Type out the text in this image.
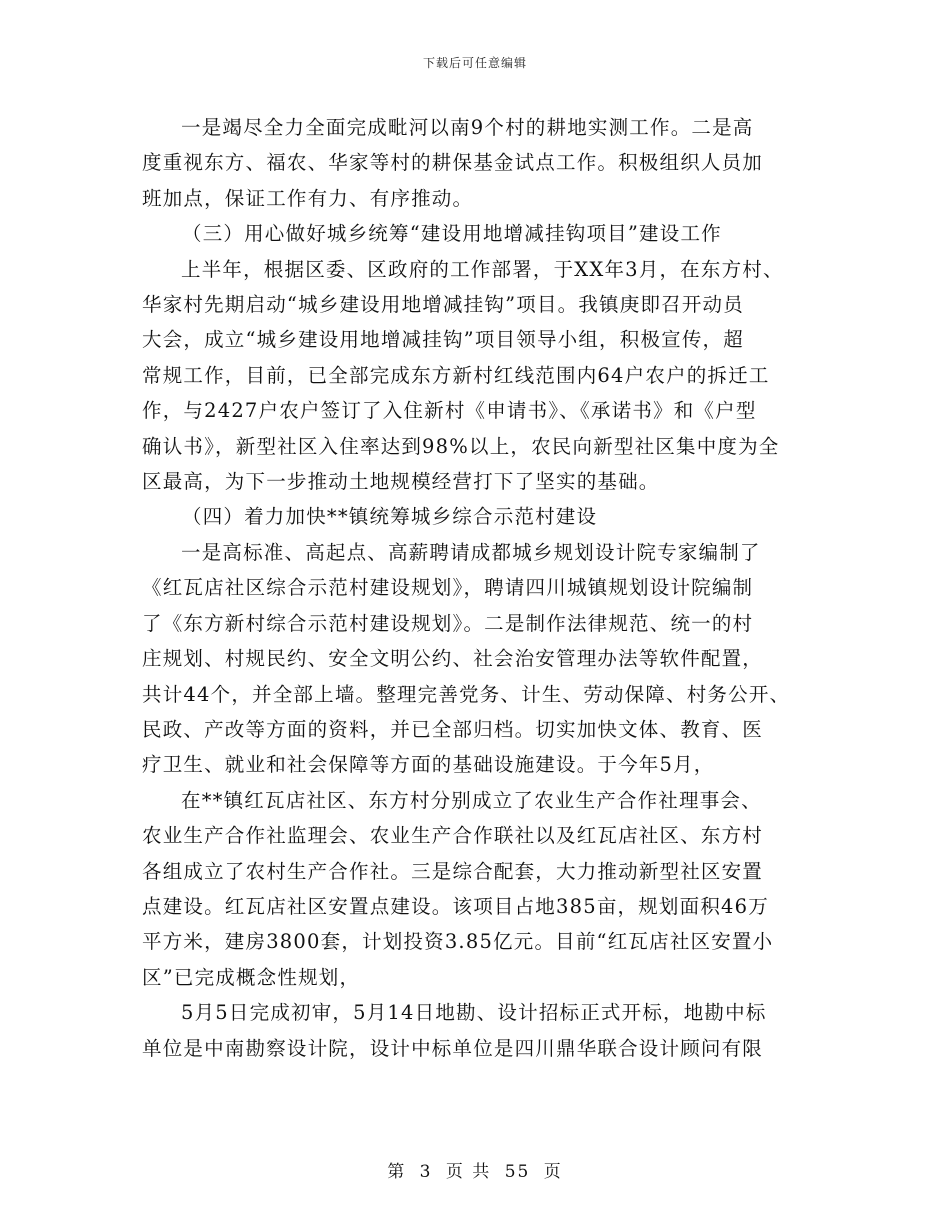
下载后可任意编辑
一是竭尽全力全面完成毗河以南9个村的耕地实测工作。二是高
度重视东方、福农、华家等村的耕保基金试点工作。积极组织人员加
班加点，保证工作有力、有序推动。
（三）用心做好城乡统筹“建设用地增减挂钩项目”建设工作
上半年，根据区委、区政府的工作部署，于XX年3月，在东方村、
华家村先期启动“城乡建设用地增减挂钩”项目。我镇庚即召开动员
大会，成立“城乡建设用地增减挂钩”项目领导小组，积极宣传，超
常规工作，目前，已全部完成东方新村红线范围内64户农户的拆迁工
作，与2427户农户签订了入住新村《申请书》、《承诺书》和《户型
确认书》，新型社区入住率达到98%以上，农民向新型社区集中度为全
区最高，为下一步推动土地规模经营打下了坚实的基础。
（四）着力加快**镇统筹城乡综合示范村建设
一是高标准、高起点、高薪聘请成都城乡规划设计院专家编制了
《红瓦店社区综合示范村建设规划》，聘请四川城镇规划设计院编制
了《东方新村综合示范村建设规划》。二是制作法律规范、统一的村
庄规划、村规民约、安全文明公约、社会治安管理办法等软件配置，
共计44个，并全部上墙。整理完善党务、计生、劳动保障、村务公开、
民政、产改等方面的资料，并已全部归档。切实加快文体、教育、医
疗卫生、就业和社会保障等方面的基础设施建设。于今年5月，
在**镇红瓦店社区、东方村分别成立了农业生产合作社理事会、
农业生产合作社监理会、农业生产合作联社以及红瓦店社区、东方村
各组成立了农村生产合作社。三是综合配套，大力推动新型社区安置
点建设。红瓦店社区安置点建设。该项目占地385亩，规划面积46万
平方米，建房3800套，计划投资3.85亿元。目前“红瓦店社区安置小
区”已完成概念性规划，
5月5日完成初审，5月14日地勘、设计招标正式开标，地勘中标
单位是中南勘察设计院，设计中标单位是四川鼎华联合设计顾问有限
第 3 页 共 55 页
